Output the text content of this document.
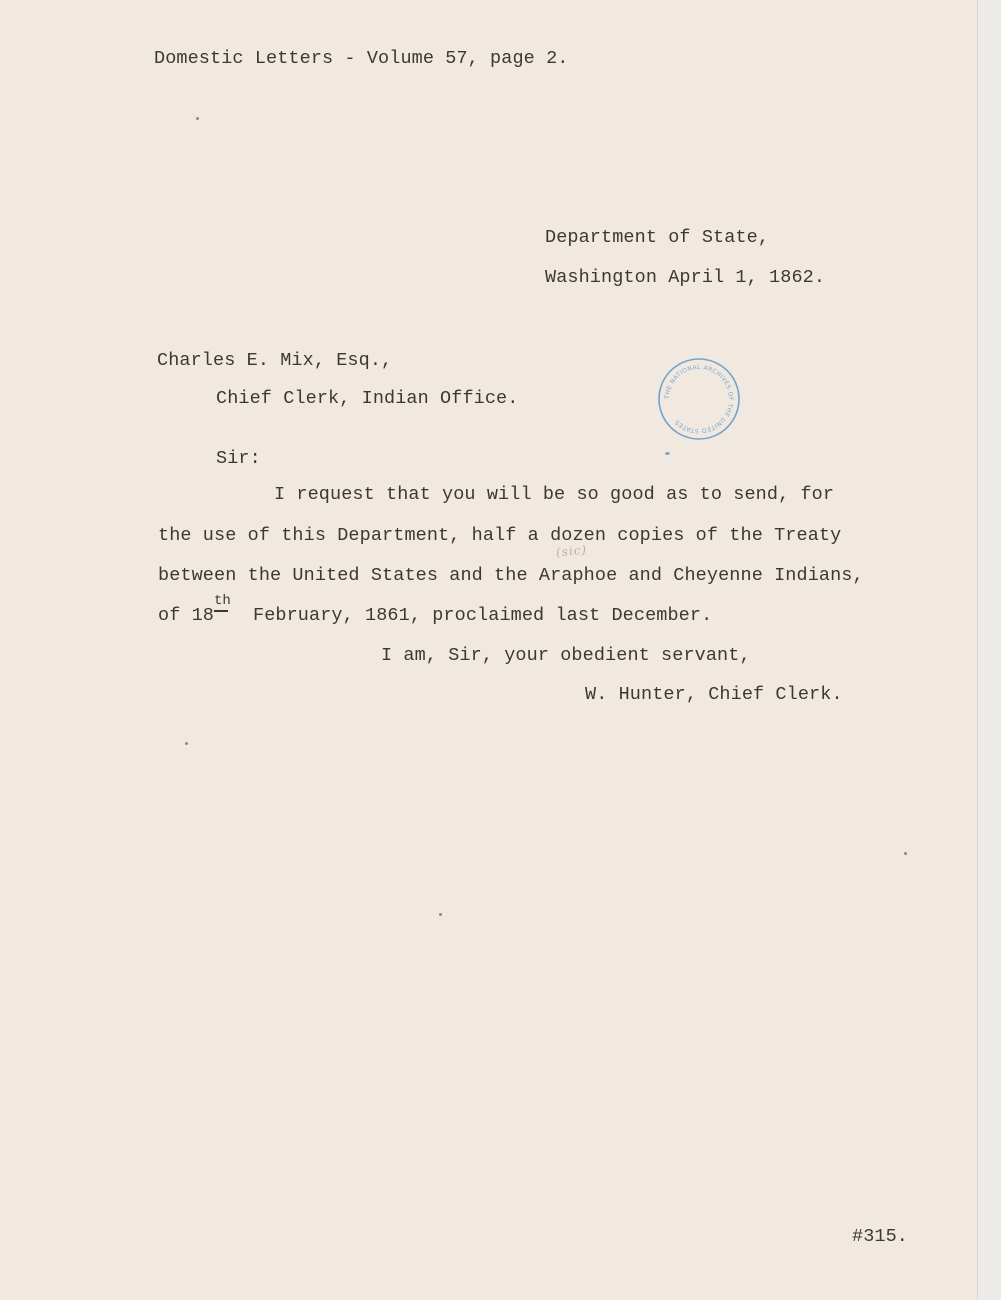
Domestic Letters - Volume 57, page 2.
Department of State,
Washington April 1, 1862.
Charles E. Mix, Esq.,
Chief Clerk, Indian Office.	THE NATIONAL ARCHIVES OF THE UNITED STATES
Sir:
I request that you will be so good as to send, for
the use of this Department, half a dozen copies of the Treaty
(sic)
between the United States and the Araphoe and Cheyenne Indians,
of 18
th
February, 1861, proclaimed last December.
I am, Sir, your obedient servant,
W. Hunter, Chief Clerk.
#315.
